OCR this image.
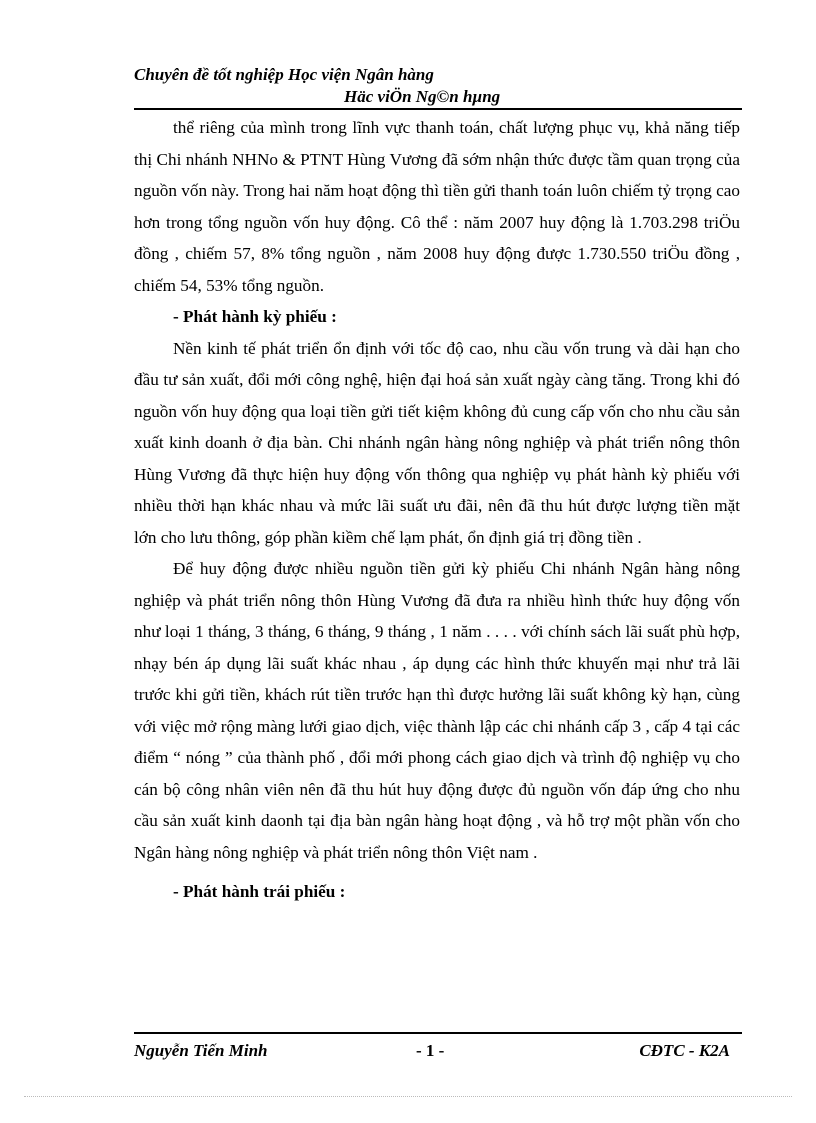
Chuyên đề tốt nghiệp Học viện Ngân hàng
Häc viÖn Ng©n hµng

thể riêng của mình trong lĩnh vực thanh toán, chất lượng phục vụ, khả năng tiếp thị Chi nhánh NHNo & PTNT Hùng Vương đã sớm nhận thức được tầm quan trọng của nguồn vốn này. Trong hai năm hoạt động thì tiền gửi thanh toán luôn chiếm tỷ trọng cao hơn trong tổng nguồn vốn huy động. Cô thể : năm 2007 huy động là 1.703.298 triÖu đồng , chiếm 57, 8% tổng nguồn , năm 2008 huy động được 1.730.550 triÖu đồng , chiếm 54, 53% tổng nguồn.

- Phát hành kỳ phiếu :

Nền kinh tế phát triển ổn định với tốc độ cao, nhu cầu vốn trung và dài hạn cho đầu tư sản xuất, đổi mới công nghệ, hiện đại hoá sản xuất ngày càng tăng. Trong khi đó nguồn vốn huy động qua loại tiền gửi tiết kiệm không đủ cung cấp vốn cho nhu cầu sản xuất kinh doanh ở địa bàn. Chi nhánh ngân hàng nông nghiệp và phát triển nông thôn Hùng Vương đã thực hiện huy động vốn thông qua nghiệp vụ phát hành kỳ phiếu với nhiều thời hạn khác nhau và mức lãi suất ưu đãi, nên đã thu hút được lượng tiền mặt lớn cho lưu thông, góp phần kiềm chế lạm phát, ổn định giá trị đồng tiền .

Để huy động được nhiều nguồn tiền gửi kỳ phiếu Chi nhánh Ngân hàng nông nghiệp và phát triển nông thôn Hùng Vương đã đưa ra nhiều hình thức huy động vốn như loại 1 tháng, 3 tháng, 6 tháng, 9 tháng , 1 năm . . . . với chính sách lãi suất phù hợp, nhạy bén áp dụng lãi suất khác nhau , áp dụng các hình thức khuyến mại như trả lãi trước khi gửi tiền, khách rút tiền trước hạn thì được hưởng lãi suất không kỳ hạn, cùng với việc mở rộng màng lưới giao dịch, việc thành lập các chi nhánh cấp 3 , cấp 4 tại các điểm “ nóng ” của thành phố , đổi mới phong cách giao dịch và trình độ nghiệp vụ cho cán bộ công nhân viên nên đã thu hút huy động được đủ nguồn vốn đáp ứng cho nhu cầu sản xuất kinh daonh tại địa bàn ngân hàng hoạt động , và hỗ trợ một phần vốn cho Ngân hàng nông nghiệp và phát triển nông thôn Việt nam .

- Phát hành trái phiếu :

Nguyễn Tiến Minh	- 1 -	CĐTC - K2A
